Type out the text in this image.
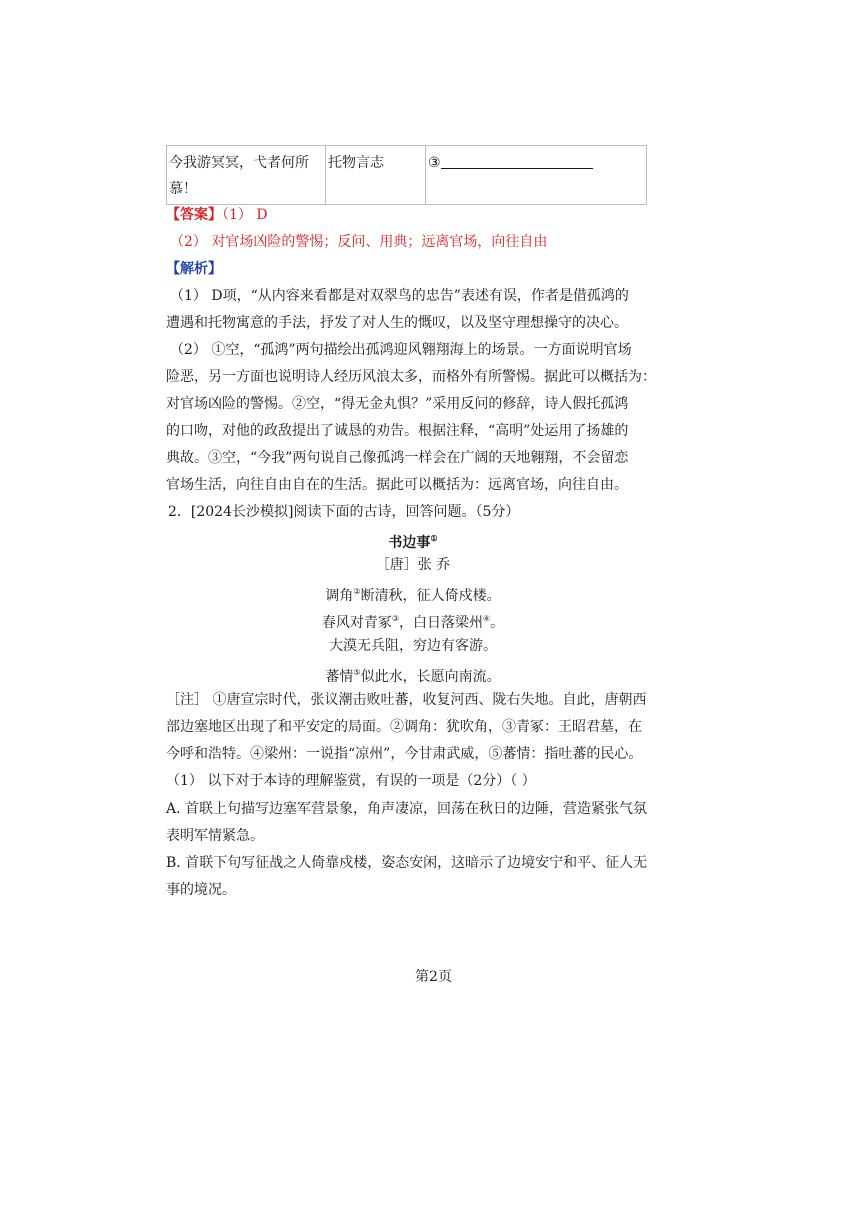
今我游冥冥，弋者何所
慕！	托物言志	③
【答案】（1） D
（2） 对官场凶险的警惕；反问、用典；远离官场，向往自由
【解析】
（1） D项，“从内容来看都是对双翠鸟的忠告”表述有误，作者是借孤鸿的
遭遇和托物寓意的手法，抒发了对人生的慨叹，以及坚守理想操守的决心。
（2） ①空，“孤鸿”两句描绘出孤鸿迎风翱翔海上的场景。一方面说明官场
险恶，另一方面也说明诗人经历风浪太多，而格外有所警惕。据此可以概括为：
对官场凶险的警惕。②空，“得无金丸惧？”采用反问的修辞，诗人假托孤鸿
的口吻，对他的政敌提出了诚恳的劝告。根据注释，“高明”处运用了扬雄的
典故。③空，“今我”两句说自己像孤鸿一样会在广阔的天地翱翔，不会留恋
官场生活，向往自由自在的生活。据此可以概括为：远离官场，向往自由。
2．[2024长沙模拟]阅读下面的古诗，回答问题。（5分）
书边事①
［唐］张 乔
调角②断清秋，征人倚戍楼。
春风对青冢③，白日落梁州④。
大漠无兵阻，穷边有客游。
蕃情⑤似此水，长愿向南流。
［注］ ①唐宣宗时代，张议潮击败吐蕃，收复河西、陇右失地。自此，唐朝西
部边塞地区出现了和平安定的局面。②调角：犹吹角，③青冢：王昭君墓，在
今呼和浩特。④梁州：一说指“凉州”，今甘肃武威，⑤蕃情：指吐蕃的民心。
（1） 以下对于本诗的理解鉴赏，有误的一项是（2分）（ ）
A. 首联上句描写边塞军营景象，角声凄凉，回荡在秋日的边陲，营造紧张气氛
表明军情紧急。
B. 首联下句写征战之人倚靠戍楼，姿态安闲，这暗示了边境安宁和平、征人无
事的境况。
第2页
